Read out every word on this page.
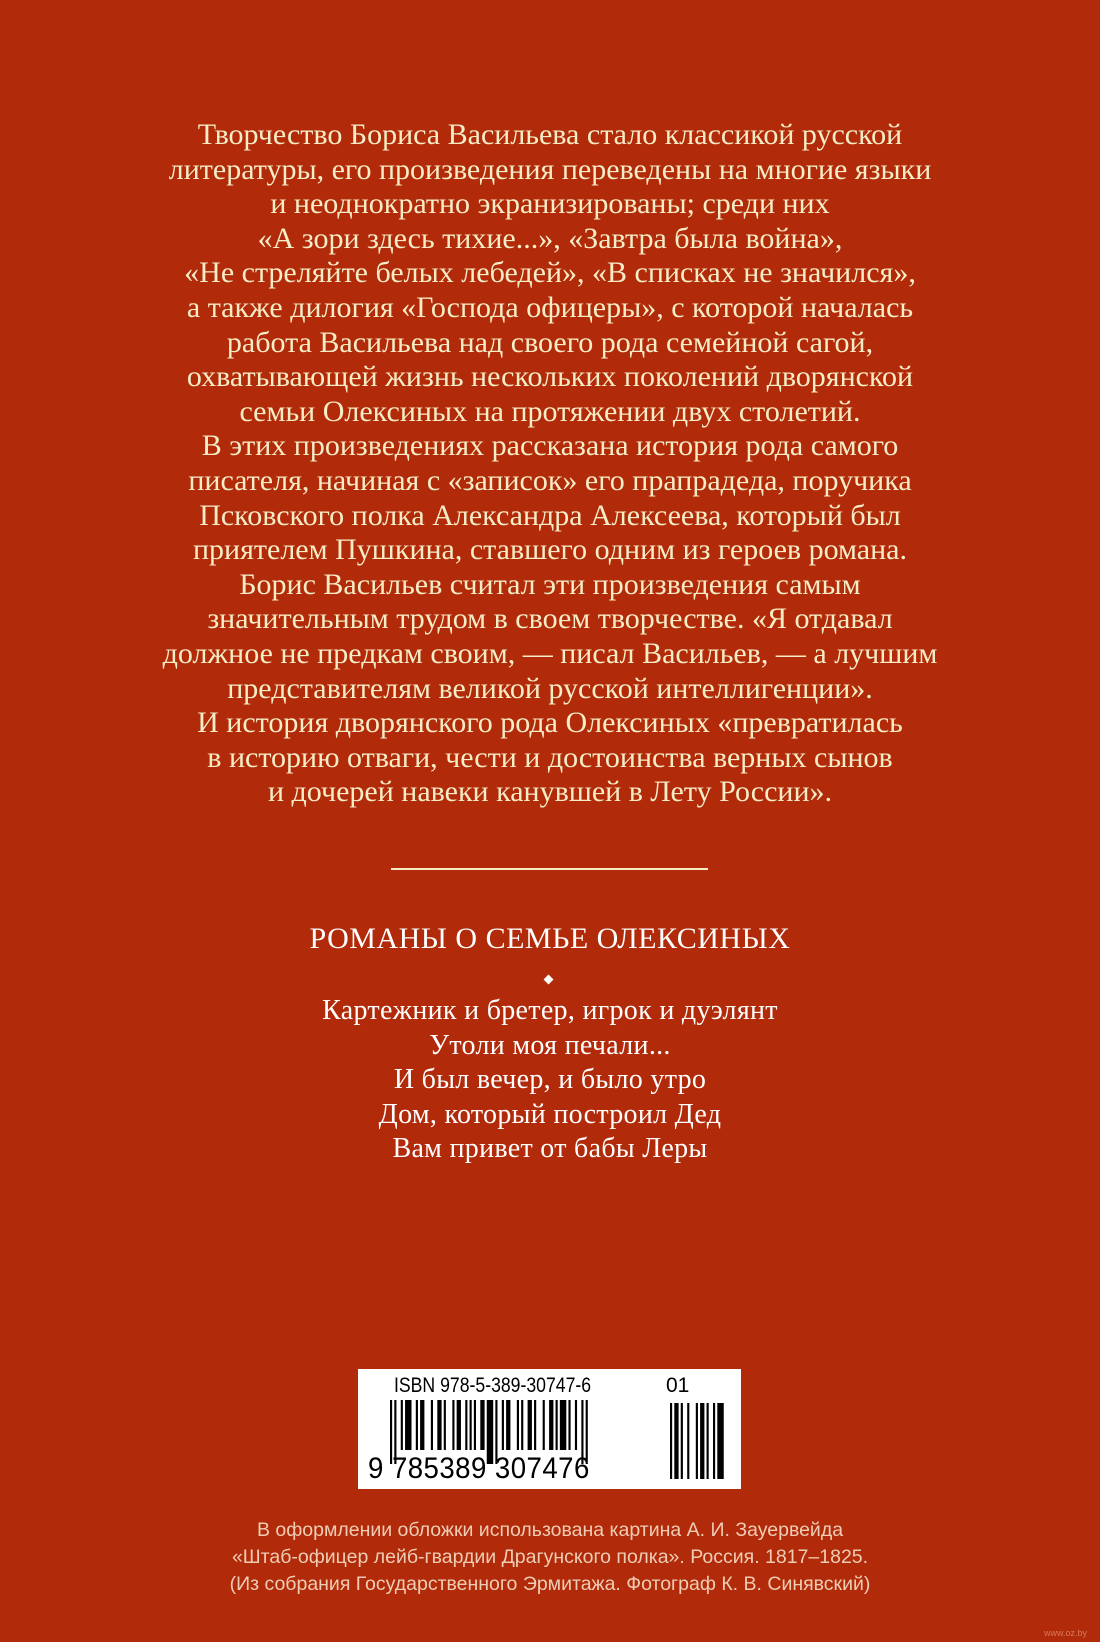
Творчество Бориса Васильева стало классикой русской
литературы, его произведения переведены на многие языки
и неоднократно экранизированы; среди них
«А зори здесь тихие...», «Завтра была война»,
«Не стреляйте белых лебедей», «В списках не значился»,
а также дилогия «Господа офицеры», с которой началась
работа Васильева над своего рода семейной сагой,
охватывающей жизнь нескольких поколений дворянской
семьи Олексиных на протяжении двух столетий.
В этих произведениях рассказана история рода самого
писателя, начиная с «записок» его прапрадеда, поручика
Псковского полка Александра Алексеева, который был
приятелем Пушкина, ставшего одним из героев романа.
Борис Васильев считал эти произведения самым
значительным трудом в своем творчестве. «Я отдавал
должное не предкам своим, — писал Васильев, — а лучшим
представителям великой русской интеллигенции».
И история дворянского рода Олексиных «превратилась
в историю отваги, чести и достоинства верных сынов
и дочерей навеки канувшей в Лету России».

РОМАНЫ О СЕМЬЕ ОЛЕКСИНЫХ
Картежник и бретер, игрок и дуэлянт
Утоли моя печали...
И был вечер, и было утро
Дом, который построил Дед
Вам привет от бабы Леры
ISBN 978-5-389-30747-6	01
9 785389 307476

В оформлении обложки использована картина А. И. Зауервейда
«Штаб-офицер лейб-гвардии Драгунского полка». Россия. 1817–1825.
(Из собрания Государственного Эрмитажа. Фотограф К. В. Синявский)

www.oz.by
